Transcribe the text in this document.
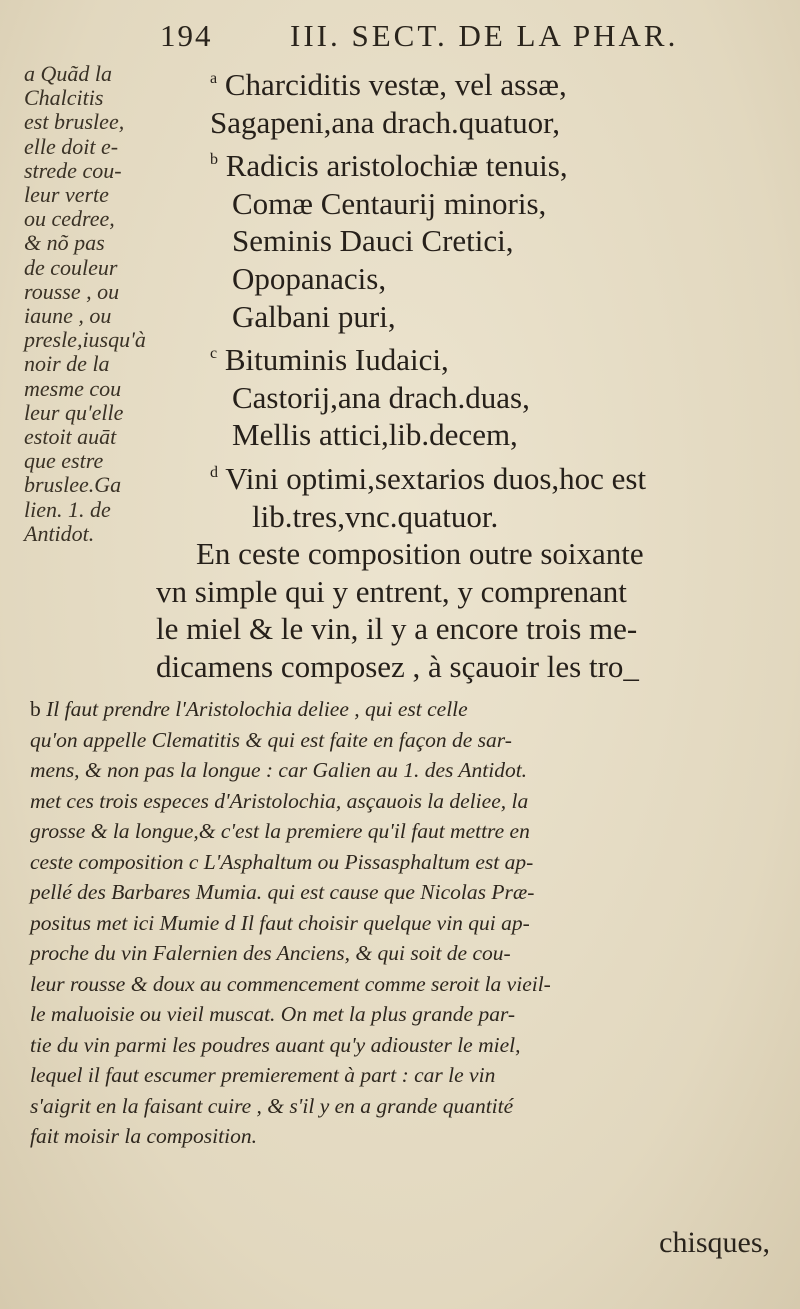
194	III. SECT. DE LA PHAR.
a Quãd la
Chalcitis
est bruslee,
elle doit e-
strede cou-
leur verte
ou cedree,
& nõ pas
de couleur
rousse , ou
iaune , ou
presle,iusqu'à
noir de la
mesme cou
leur qu'elle
estoit auāt
que estre
bruslee.Ga
lien. 1. de
Antidot.
$^a$ Charciditis vestæ, vel assæ,
Sagapeni,ana drach.quatuor,
$^b$ Radicis aristolochiæ tenuis,
Comæ Centaurij minoris,
Seminis Dauci Cretici,
Opopanacis,
Galbani puri,
$^c$ Bituminis Iudaici,
Castorij,ana drach.duas,
Mellis attici,lib.decem,
$^d$ Vini optimi,sextarios duos,hoc est
lib.tres,vnc.quatuor.
En ceste composition outre soixante
vn simple qui y entrent, y comprenant
le miel & le vin, il y a encore trois me-
dicamens composez , à sçauoir les tro_
b Il faut prendre l'Aristolochia deliee , qui est celle
qu'on appelle Clematitis & qui est faite en façon de sar-
mens, & non pas la longue : car Galien au 1. des Antidot.
met ces trois especes d'Aristolochia, asçauois la deliee, la
grosse & la longue,& c'est la premiere qu'il faut mettre en
ceste composition c L'Asphaltum ou Pissasphaltum est ap-
pellé des Barbares Mumia. qui est cause que Nicolas Præ-
positus met ici Mumie d Il faut choisir quelque vin qui ap-
proche du vin Falernien des Anciens, & qui soit de cou-
leur rousse & doux au commencement comme seroit la vieil-
le maluoisie ou vieil muscat. On met la plus grande par-
tie du vin parmi les poudres auant qu'y adiouster le miel,
lequel il faut escumer premierement à part : car le vin
s'aigrit en la faisant cuire , & s'il y en a grande quantité
fait moisir la composition.
chisques,
